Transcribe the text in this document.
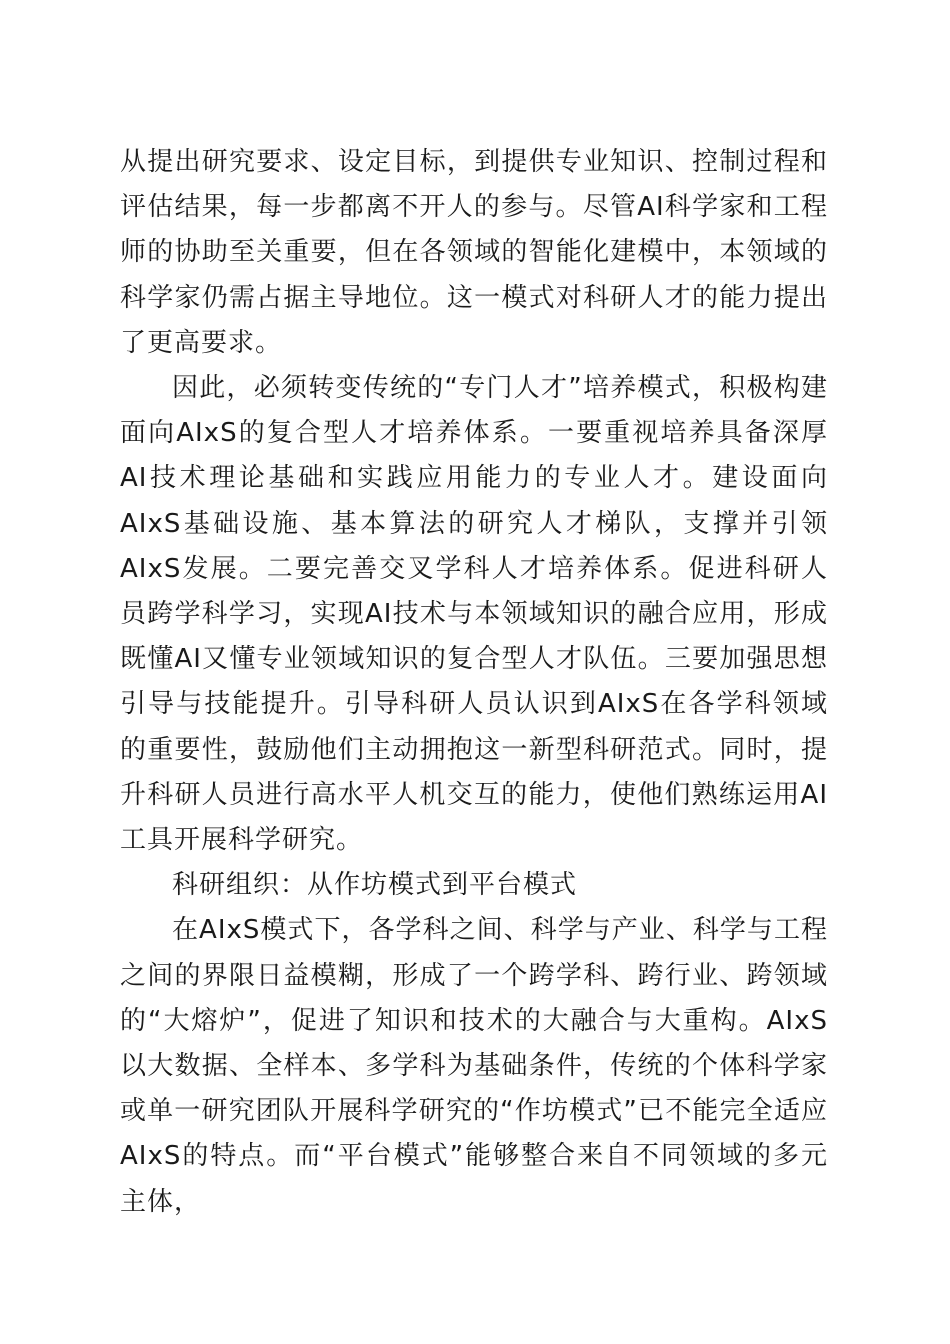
从提出研究要求、设定目标，到提供专业知识、控制过程和评估结果，每一步都离不开人的参与。尽管AI科学家和工程师的协助至关重要，但在各领域的智能化建模中，本领域的科学家仍需占据主导地位。这一模式对科研人才的能力提出了更高要求。

因此，必须转变传统的“专门人才”培养模式，积极构建面向AIxS的复合型人才培养体系。一要重视培养具备深厚AI技术理论基础和实践应用能力的专业人才。建设面向AIxS基础设施、基本算法的研究人才梯队，支撑并引领AIxS发展。二要完善交叉学科人才培养体系。促进科研人员跨学科学习，实现AI技术与本领域知识的融合应用，形成既懂AI又懂专业领域知识的复合型人才队伍。三要加强思想引导与技能提升。引导科研人员认识到AIxS在各学科领域的重要性，鼓励他们主动拥抱这一新型科研范式。同时，提升科研人员进行高水平人机交互的能力，使他们熟练运用AI工具开展科学研究。

科研组织：从作坊模式到平台模式

在AIxS模式下，各学科之间、科学与产业、科学与工程之间的界限日益模糊，形成了一个跨学科、跨行业、跨领域的“大熔炉”，促进了知识和技术的大融合与大重构。AIxS以大数据、全样本、多学科为基础条件，传统的个体科学家或单一研究团队开展科学研究的“作坊模式”已不能完全适应AIxS的特点。而“平台模式”能够整合来自不同领域的多元主体，
